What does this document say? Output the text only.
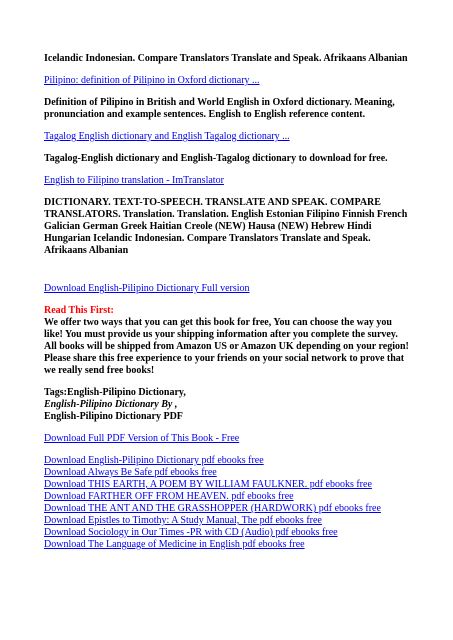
Icelandic Indonesian. Compare Translators Translate and Speak. Afrikaans Albanian

Pilipino: definition of Pilipino in Oxford dictionary ...

Definition of Pilipino in British and World English in Oxford dictionary. Meaning, pronunciation and example sentences. English to English reference content.

Tagalog English dictionary and English Tagalog dictionary ...

Tagalog-English dictionary and English-Tagalog dictionary to download for free.

English to Filipino translation - ImTranslator

DICTIONARY. TEXT-TO-SPEECH. TRANSLATE AND SPEAK. COMPARE TRANSLATORS. Translation. Translation. English Estonian Filipino Finnish French Galician German Greek Haitian Creole (NEW) Hausa (NEW) Hebrew Hindi Hungarian Icelandic Indonesian. Compare Translators Translate and Speak. Afrikaans Albanian

Download English-Pilipino Dictionary Full version

Read This First:

We offer two ways that you can get this book for free, You can choose the way you like! You must provide us your shipping information after you complete the survey. All books will be shipped from Amazon US or Amazon UK depending on your region! Please share this free experience to your friends on your social network to prove that we really send free books!

Tags:English-Pilipino Dictionary,

English-Pilipino Dictionary By ,

English-Pilipino Dictionary PDF

Download Full PDF Version of This Book - Free

Download English-Pilipino Dictionary pdf ebooks free
Download Always Be Safe pdf ebooks free
Download THIS EARTH, A POEM BY WILLIAM FAULKNER. pdf ebooks free
Download FARTHER OFF FROM HEAVEN. pdf ebooks free
Download THE ANT AND THE GRASSHOPPER (HARDWORK) pdf ebooks free
Download Epistles to Timothy: A Study Manual, The pdf ebooks free
Download Sociology in Our Times -PR with CD (Audio) pdf ebooks free
Download The Language of Medicine in English pdf ebooks free
